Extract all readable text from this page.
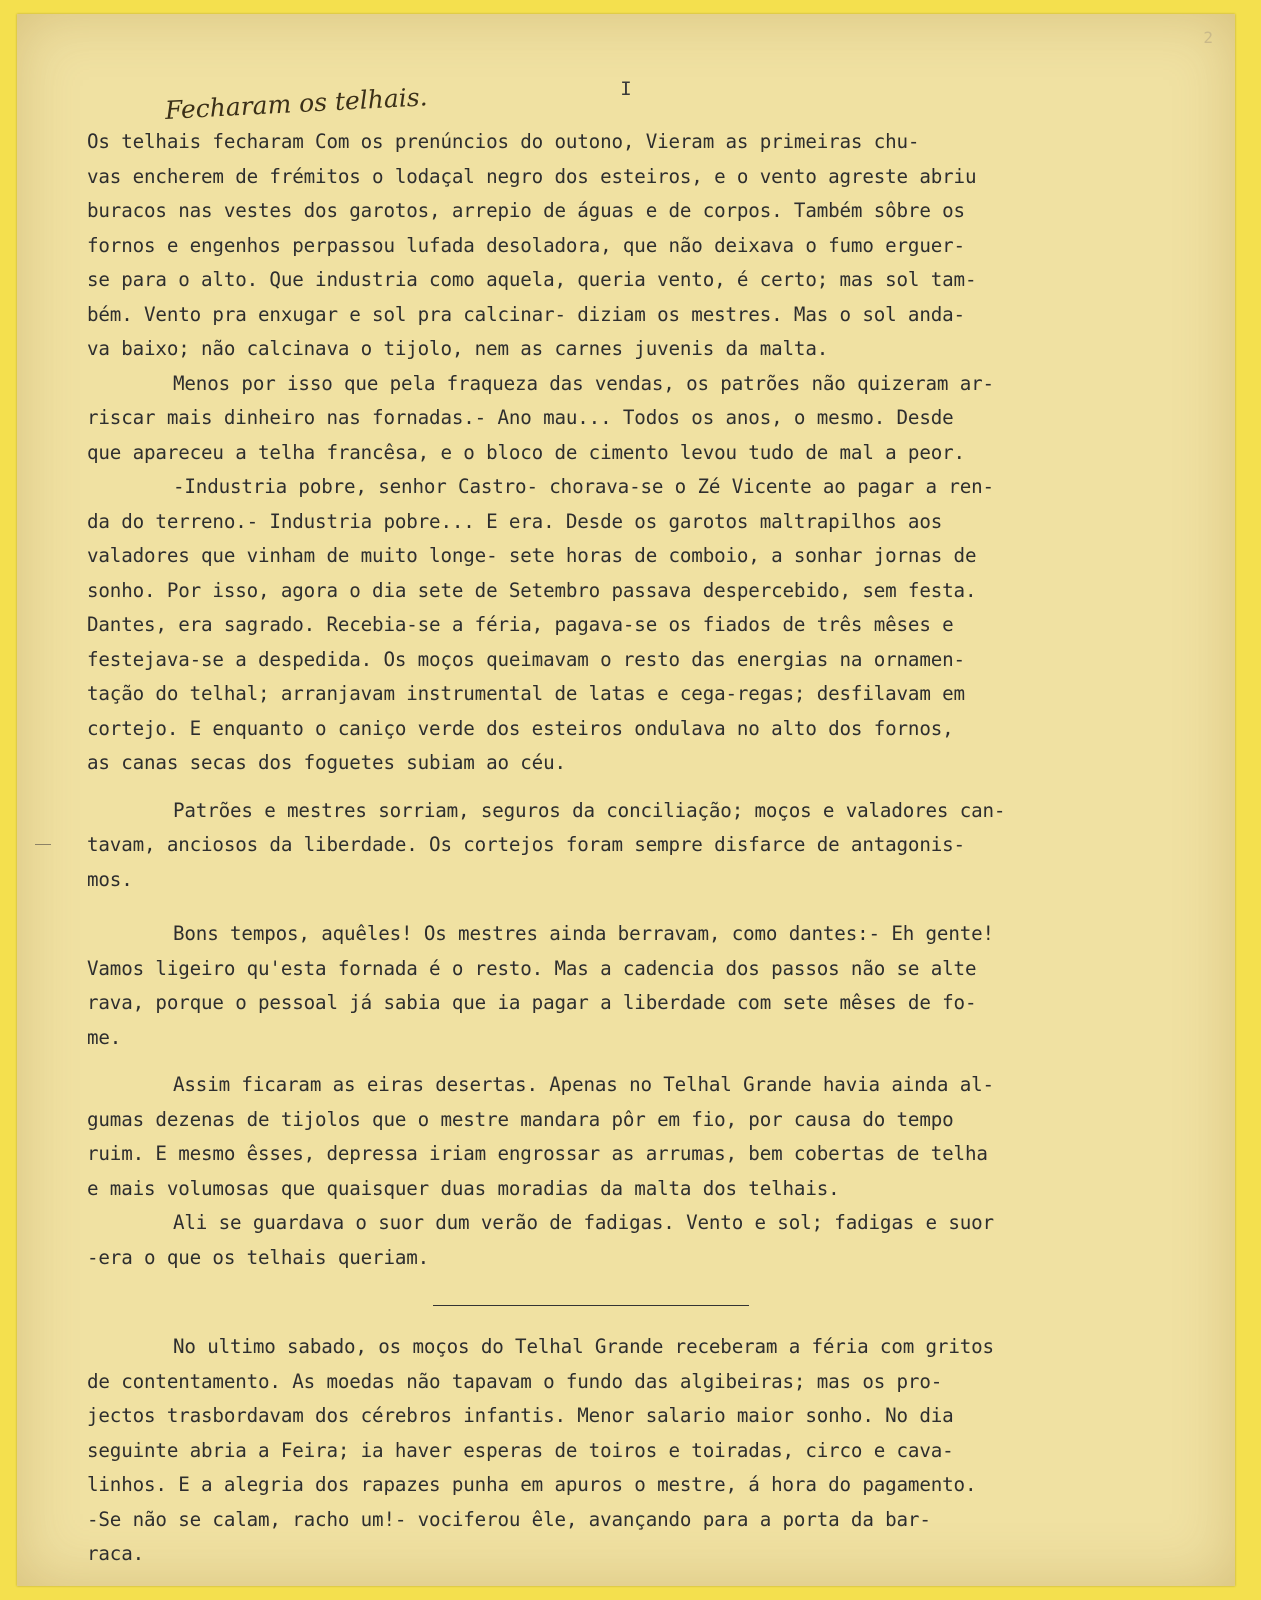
2
I
Fecharam os telhais.
Os telhais fecharam Com os prenúncios do outono, Vieram as primeiras chu-
vas encherem de frémitos o lodaçal negro dos esteiros, e o vento agreste abriu
buracos nas vestes dos garotos, arrepio de águas e de corpos. Também sôbre os
fornos e engenhos perpassou lufada desoladora, que não deixava o fumo erguer-
se para o alto. Que industria como aquela, queria vento, é certo; mas sol tam-
bém. Vento pra enxugar e sol pra calcinar- diziam os mestres. Mas o sol anda-
va baixo; não calcinava o tijolo, nem as carnes juvenis da malta.
Menos por isso que pela fraqueza das vendas, os patrões não quizeram ar-
riscar mais dinheiro nas fornadas.- Ano mau... Todos os anos, o mesmo. Desde
que apareceu a telha francêsa, e o bloco de cimento levou tudo de mal a peor.
-Industria pobre, senhor Castro- chorava-se o Zé Vicente ao pagar a ren-
da do terreno.- Industria pobre... E era. Desde os garotos maltrapilhos aos
valadores que vinham de muito longe- sete horas de comboio, a sonhar jornas de
sonho. Por isso, agora o dia sete de Setembro passava despercebido, sem festa.
Dantes, era sagrado. Recebia-se a féria, pagava-se os fiados de três mêses e
festejava-se a despedida. Os moços queimavam o resto das energias na ornamen-
tação do telhal; arranjavam instrumental de latas e cega-regas; desfilavam em
cortejo. E enquanto o caniço verde dos esteiros ondulava no alto dos fornos,
as canas secas dos foguetes subiam ao céu.
Patrões e mestres sorriam, seguros da conciliação; moços e valadores can-
tavam, anciosos da liberdade. Os cortejos foram sempre disfarce de antagonis-
mos.
Bons tempos, aquêles! Os mestres ainda berravam, como dantes:- Eh gente!
Vamos ligeiro qu'esta fornada é o resto. Mas a cadencia dos passos não se alte
rava, porque o pessoal já sabia que ia pagar a liberdade com sete mêses de fo-
me.
Assim ficaram as eiras desertas. Apenas no Telhal Grande havia ainda al-
gumas dezenas de tijolos que o mestre mandara pôr em fio, por causa do tempo
ruim. E mesmo êsses, depressa iriam engrossar as arrumas, bem cobertas de telha
e mais volumosas que quaisquer duas moradias da malta dos telhais.
Ali se guardava o suor dum verão de fadigas. Vento e sol; fadigas e suor
-era o que os telhais queriam.
No ultimo sabado, os moços do Telhal Grande receberam a féria com gritos
de contentamento. As moedas não tapavam o fundo das algibeiras; mas os pro-
jectos trasbordavam dos cérebros infantis. Menor salario maior sonho. No dia
seguinte abria a Feira; ia haver esperas de toiros e toiradas, circo e cava-
linhos. E a alegria dos rapazes punha em apuros o mestre, á hora do pagamento.
-Se não se calam, racho um!- vociferou êle, avançando para a porta da bar-
raca.
